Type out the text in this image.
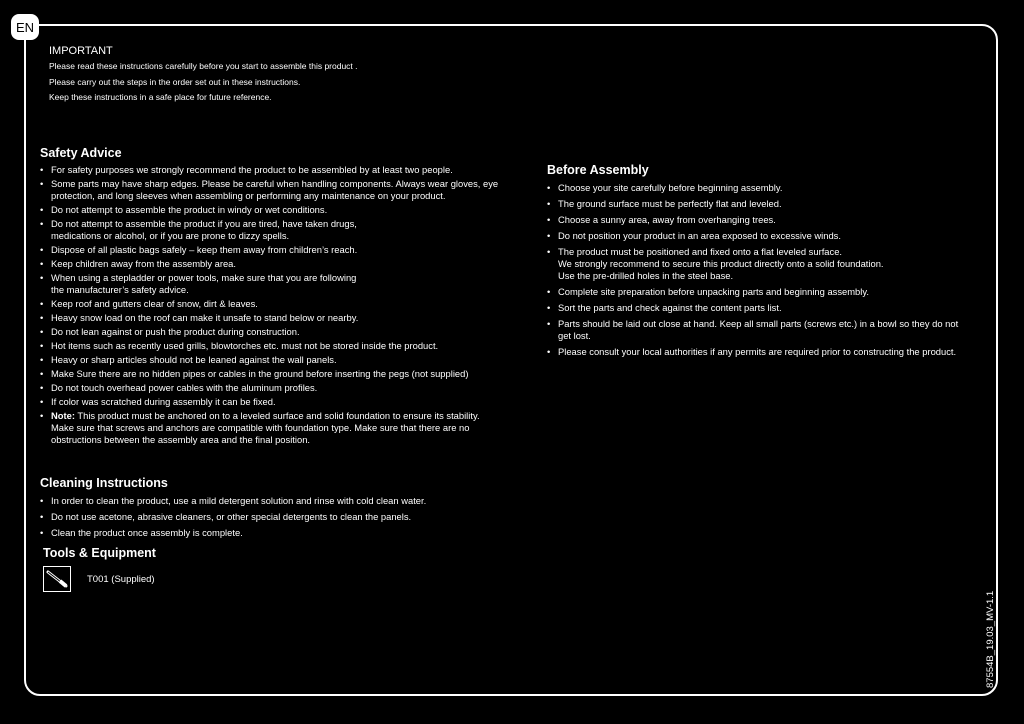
EN
IMPORTANT
Please read these instructions carefully before you start to assemble this product .
Please carry out the steps in the order set out in these instructions.
Keep these instructions in a safe place for future reference.
Safety Advice
• For safety purposes we strongly recommend the product to be assembled by at least two people.
• Some parts may have sharp edges. Please be careful when handling components. Always wear gloves, eye protection, and long sleeves when assembling or performing any maintenance on your product.
• Do not attempt to assemble the product in windy or wet conditions.
• Do not attempt to assemble the product if you are tired, have taken drugs,
medications or alcohol, or if you are prone to dizzy spells.
• Dispose of all plastic bags safely – keep them away from children’s reach.
• Keep children away from the assembly area.
• When using a stepladder or power tools, make sure that you are following
the manufacturer’s safety advice.
• Keep roof and gutters clear of snow, dirt & leaves.
• Heavy snow load on the roof can make it unsafe to stand below or nearby.
• Do not lean against or push the product during construction.
• Hot items such as recently used grills, blowtorches etc. must not be stored inside the product.
• Heavy or sharp articles should not be leaned against the wall panels.
• Make Sure there are no hidden pipes or cables in the ground before inserting the pegs (not supplied)
• Do not touch overhead power cables with the aluminum profiles.
• If color was scratched during assembly it can be fixed.
• Note: This product must be anchored on to a leveled surface and solid foundation to ensure its stability.
Make sure that screws and anchors are compatible with foundation type. Make sure that there are no obstructions between the assembly area and the final position.
Cleaning Instructions
• In order to clean the product, use a mild detergent solution and rinse with cold clean water.
• Do not use acetone, abrasive cleaners, or other special detergents to clean the panels.
• Clean the product once assembly is complete.
Tools & Equipment
T001 (Supplied)
Before Assembly
• Choose your site carefully before beginning assembly.
• The ground surface must be perfectly flat and leveled.
• Choose a sunny area, away from overhanging trees.
• Do not position your product in an area exposed to excessive winds.
• The product must be positioned and fixed onto a flat leveled surface.
We strongly recommend to secure this product directly onto a solid foundation.
Use the pre-drilled holes in the steel base.
• Complete site preparation before unpacking parts and beginning assembly.
• Sort the parts and check against the content parts list.
• Parts should be laid out close at hand. Keep all small parts (screws etc.) in a bowl so they do not get lost.
• Please consult your local authorities if any permits are required prior to constructing the product.
87554B_19.03_MV-1.1
